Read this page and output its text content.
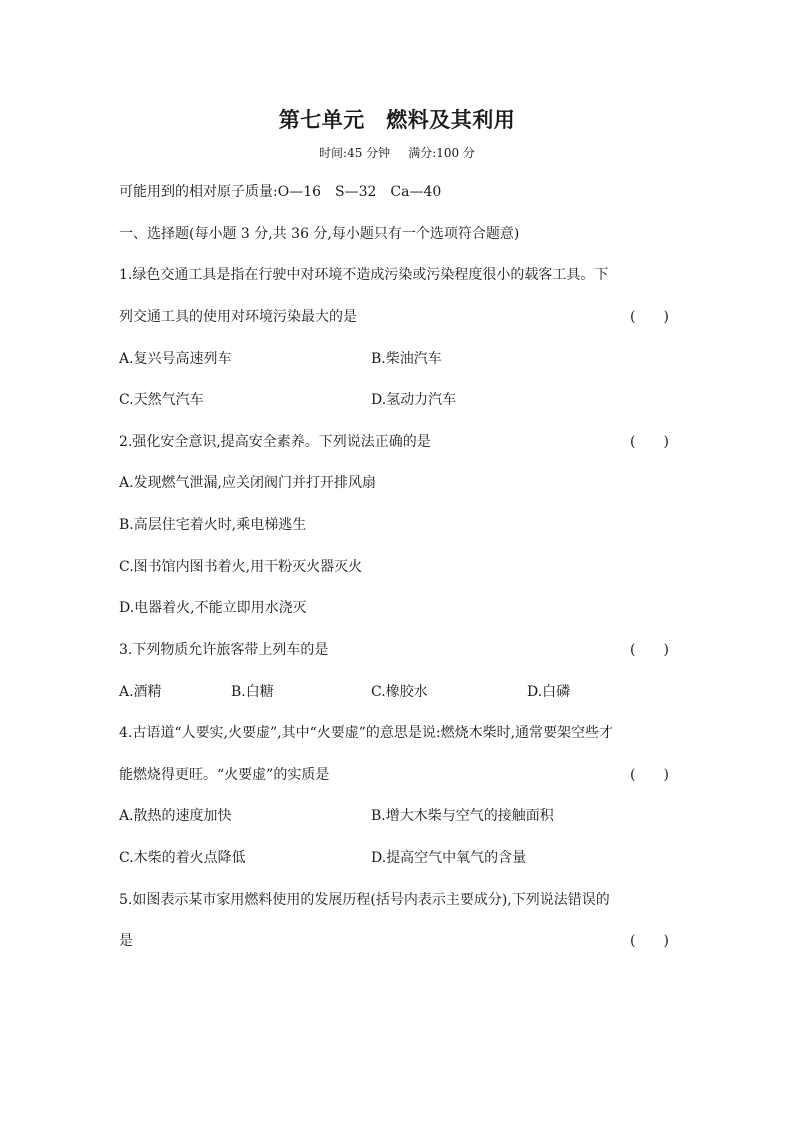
第七单元　燃料及其利用
时间:45 分钟 满分:100 分
可能用到的相对原子质量:O—16　S—32　Ca—40
一、选择题(每小题 3 分,共 36 分,每小题只有一个选项符合题意)
1.绿色交通工具是指在行驶中对环境不造成污染或污染程度很小的载客工具。下
列交通工具的使用对环境污染最大的是	(　　)
A.复兴号高速列车	B.柴油汽车
C.天然气汽车	D.氢动力汽车
2.强化安全意识,提高安全素养。下列说法正确的是	(　　)
A.发现燃气泄漏,应关闭阀门并打开排风扇
B.高层住宅着火时,乘电梯逃生
C.图书馆内图书着火,用干粉灭火器灭火
D.电器着火,不能立即用水浇灭
3.下列物质允许旅客带上列车的是	(　　)
A.酒精	B.白糖	C.橡胶水	D.白磷
4.古语道“人要实,火要虚”,其中“火要虚”的意思是说:燃烧木柴时,通常要架空些才
能燃烧得更旺。“火要虚”的实质是	(　　)
A.散热的速度加快	B.增大木柴与空气的接触面积
C.木柴的着火点降低	D.提高空气中氧气的含量
5.如图表示某市家用燃料使用的发展历程(括号内表示主要成分),下列说法错误的
是	(　　)
